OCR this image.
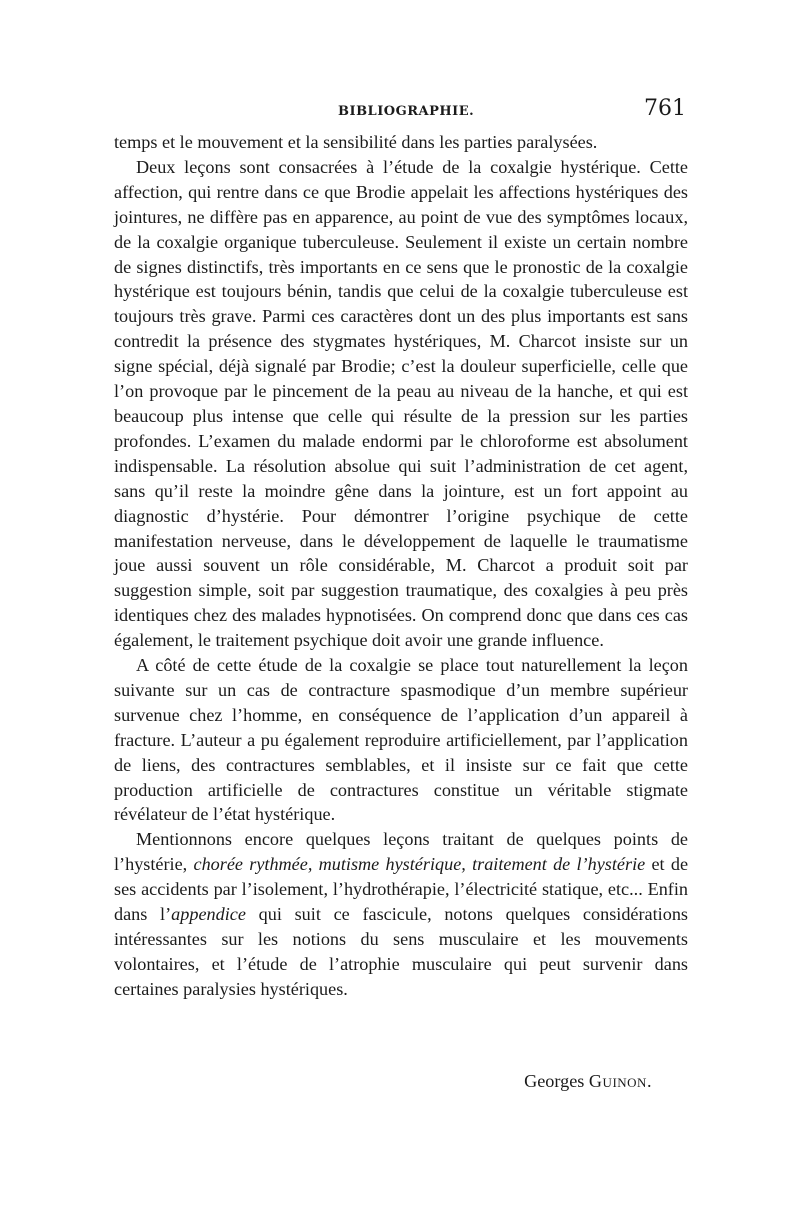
BIBLIOGRAPHIE.	761

temps et le mouvement et la sensibilité dans les parties paralysées.

Deux leçons sont consacrées à l’étude de la coxalgie hystérique. Cette affection, qui rentre dans ce que Brodie appelait les affections hystériques des jointures, ne diffère pas en apparence, au point de vue des symptômes locaux, de la coxalgie organique tuberculeuse. Seulement il existe un certain nombre de signes distinctifs, très importants en ce sens que le pronostic de la coxalgie hystérique est toujours bénin, tandis que celui de la coxalgie tuberculeuse est toujours très grave. Parmi ces caractères dont un des plus importants est sans contredit la présence des stygmates hystériques, M. Charcot insiste sur un signe spécial, déjà signalé par Brodie; c’est la douleur superficielle, celle que l’on provoque par le pincement de la peau au niveau de la hanche, et qui est beaucoup plus intense que celle qui résulte de la pression sur les parties profondes. L’examen du malade endormi par le chloroforme est absolument indispensable. La résolution absolue qui suit l’administration de cet agent, sans qu’il reste la moindre gêne dans la jointure, est un fort appoint au diagnostic d’hystérie. Pour démontrer l’origine psychique de cette manifestation nerveuse, dans le développement de laquelle le traumatisme joue aussi souvent un rôle considérable, M. Charcot a produit soit par suggestion simple, soit par suggestion traumatique, des coxalgies à peu près identiques chez des malades hypnotisées. On comprend donc que dans ces cas également, le traitement psychique doit avoir une grande influence.

A côté de cette étude de la coxalgie se place tout naturellement la leçon suivante sur un cas de contracture spasmodique d’un membre supérieur survenue chez l’homme, en conséquence de l’application d’un appareil à fracture. L’auteur a pu également reproduire artificiellement, par l’application de liens, des contractures semblables, et il insiste sur ce fait que cette production artificielle de contractures constitue un véritable stigmate révélateur de l’état hystérique.

Mentionnons encore quelques leçons traitant de quelques points de l’hystérie, chorée rythmée, mutisme hystérique, traitement de l’hystérie et de ses accidents par l’isolement, l’hydrothérapie, l’électricité statique, etc... Enfin dans l’appendice qui suit ce fascicule, notons quelques considérations intéressantes sur les notions du sens musculaire et les mouvements volontaires, et l’étude de l’atrophie musculaire qui peut survenir dans certaines paralysies hystériques.

Georges Guinon.
